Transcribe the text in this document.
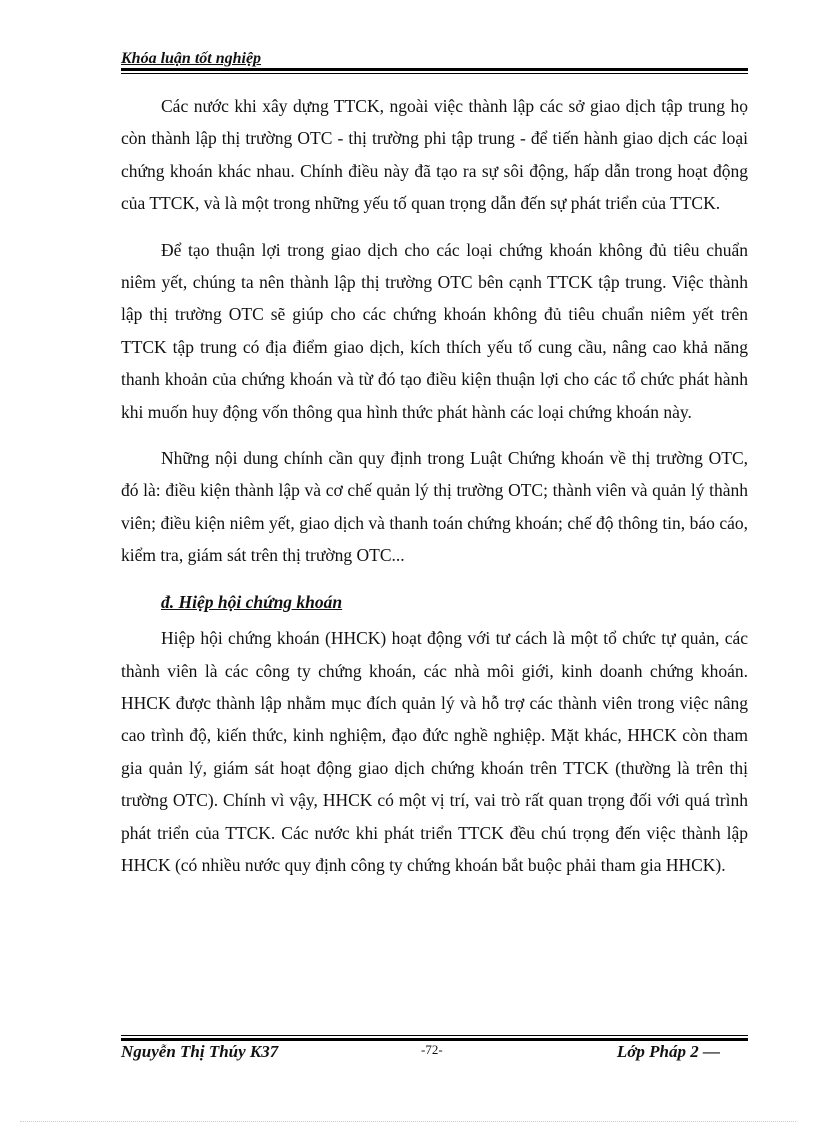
Khóa luận tốt nghiệp

Các nước khi xây dựng TTCK, ngoài việc thành lập các sở giao dịch tập trung họ còn thành lập thị trường OTC - thị trường phi tập trung - để tiến hành giao dịch các loại chứng khoán khác nhau. Chính điều này đã tạo ra sự sôi động, hấp dẫn trong hoạt động của TTCK, và là một trong những yếu tố quan trọng dẫn đến sự phát triển của TTCK.

Để tạo thuận lợi trong giao dịch cho các loại chứng khoán không đủ tiêu chuẩn niêm yết, chúng ta nên thành lập thị trường OTC bên cạnh TTCK tập trung. Việc thành lập thị trường OTC sẽ giúp cho các chứng khoán không đủ tiêu chuẩn niêm yết trên TTCK tập trung có địa điểm giao dịch, kích thích yếu tố cung cầu, nâng cao khả năng thanh khoản của chứng khoán và từ đó tạo điều kiện thuận lợi cho các tổ chức phát hành khi muốn huy động vốn thông qua hình thức phát hành các loại chứng khoán này.

Những nội dung chính cần quy định trong Luật Chứng khoán về thị trường OTC, đó là: điều kiện thành lập và cơ chế quản lý thị trường OTC; thành viên và quản lý thành viên; điều kiện niêm yết, giao dịch và thanh toán chứng khoán; chế độ thông tin, báo cáo, kiểm tra, giám sát trên thị trường OTC...

đ. Hiệp hội chứng khoán

Hiệp hội chứng khoán (HHCK) hoạt động với tư cách là một tổ chức tự quản, các thành viên là các công ty chứng khoán, các nhà môi giới, kinh doanh chứng khoán. HHCK được thành lập nhằm mục đích quản lý và hỗ trợ các thành viên trong việc nâng cao trình độ, kiến thức, kinh nghiệm, đạo đức nghề nghiệp. Mặt khác, HHCK còn tham gia quản lý, giám sát hoạt động giao dịch chứng khoán trên TTCK (thường là trên thị trường OTC). Chính vì vậy, HHCK có một vị trí, vai trò rất quan trọng đối với quá trình phát triển của TTCK. Các nước khi phát triển TTCK đều chú trọng đến việc thành lập HHCK (có nhiều nước quy định công ty chứng khoán bắt buộc phải tham gia HHCK).

Nguyễn Thị Thúy K37	-72-	Lớp Pháp 2 —
